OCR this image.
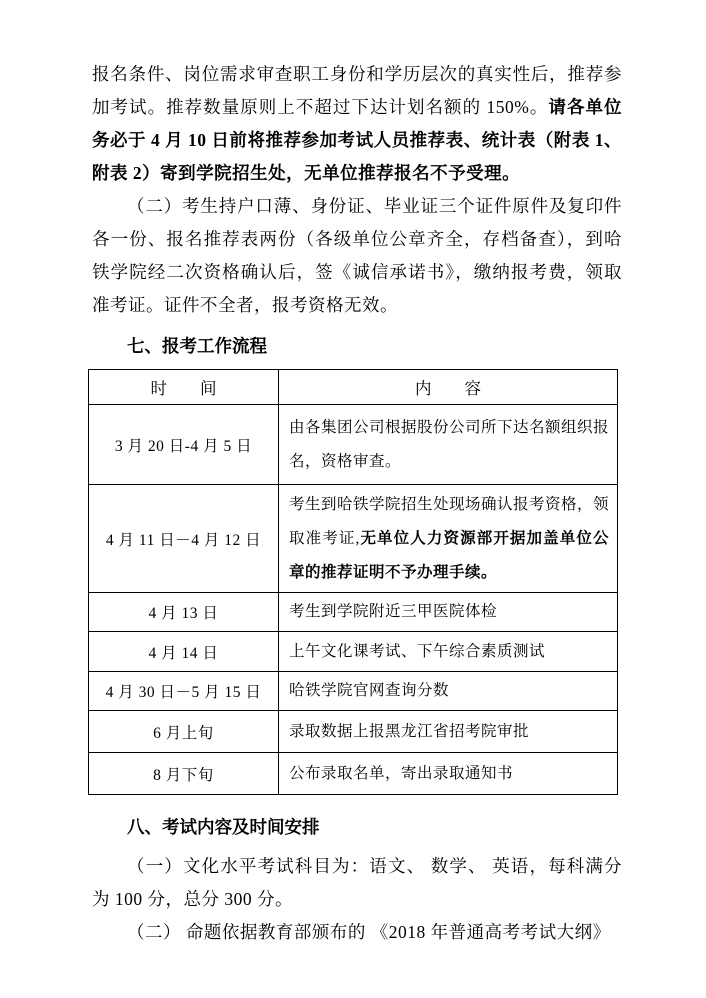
报名条件、岗位需求审查职工身份和学历层次的真实性后，推荐参加考试。推荐数量原则上不超过下达计划名额的 150%。请各单位务必于 4 月 10 日前将推荐参加考试人员推荐表、统计表（附表 1、附表 2）寄到学院招生处，无单位推荐报名不予受理。

（二）考生持户口薄、身份证、毕业证三个证件原件及复印件各一份、报名推荐表两份（各级单位公章齐全，存档备查），到哈铁学院经二次资格确认后，签《诚信承诺书》，缴纳报考费，领取准考证。证件不全者，报考资格无效。

七、报考工作流程
时　　间	内　　容
3 月 20 日-4 月 5 日	由各集团公司根据股份公司所下达名额组织报名，资格审查。
4 月 11 日－4 月 12 日	考生到哈铁学院招生处现场确认报考资格，领取准考证,无单位人力资源部开据加盖单位公章的推荐证明不予办理手续。
4 月 13 日	考生到学院附近三甲医院体检
4 月 14 日	上午文化课考试、下午综合素质测试
4 月 30 日－5 月 15 日	哈铁学院官网查询分数
6 月上旬	录取数据上报黑龙江省招考院审批
8 月下旬	公布录取名单，寄出录取通知书
八、考试内容及时间安排

（一）文化水平考试科目为：语文、 数学、 英语，每科满分为 100 分，总分 300 分。

（二） 命题依据教育部颁布的 《2018 年普通高考考试大纲》
